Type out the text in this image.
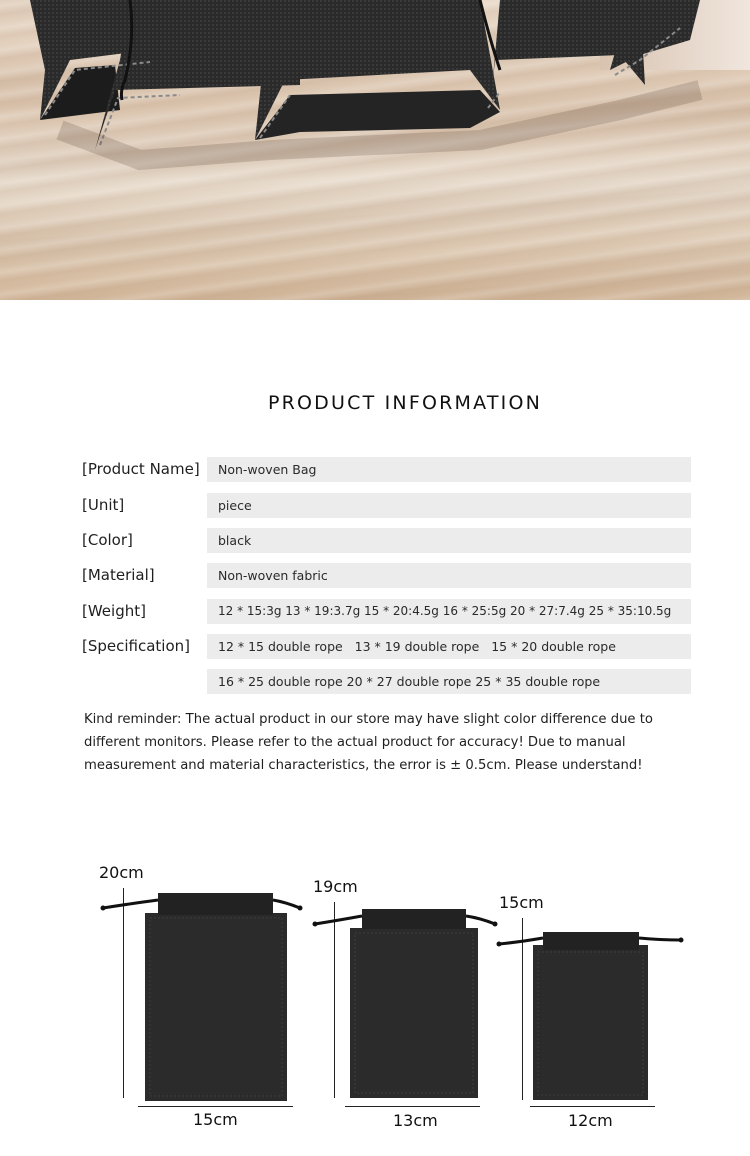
PRODUCT INFORMATION
[Product Name]	Non-woven Bag
[Unit]	piece
[Color]	black
[Material]	Non-woven fabric
[Weight]	12 * 15:3g 13 * 19:3.7g 15 * 20:4.5g 16 * 25:5g 20 * 27:7.4g 25 * 35:10.5g
[Specification]	12 * 15 double rope   13 * 19 double rope   15 * 20 double rope
16 * 25 double rope 20 * 27 double rope 25 * 35 double rope

Kind reminder: The actual product in our store may have slight color difference due to different monitors. Please refer to the actual product for accuracy! Due to manual measurement and material characteristics, the error is ± 0.5cm. Please understand!

20cm
15cm
19cm
13cm
15cm
12cm
